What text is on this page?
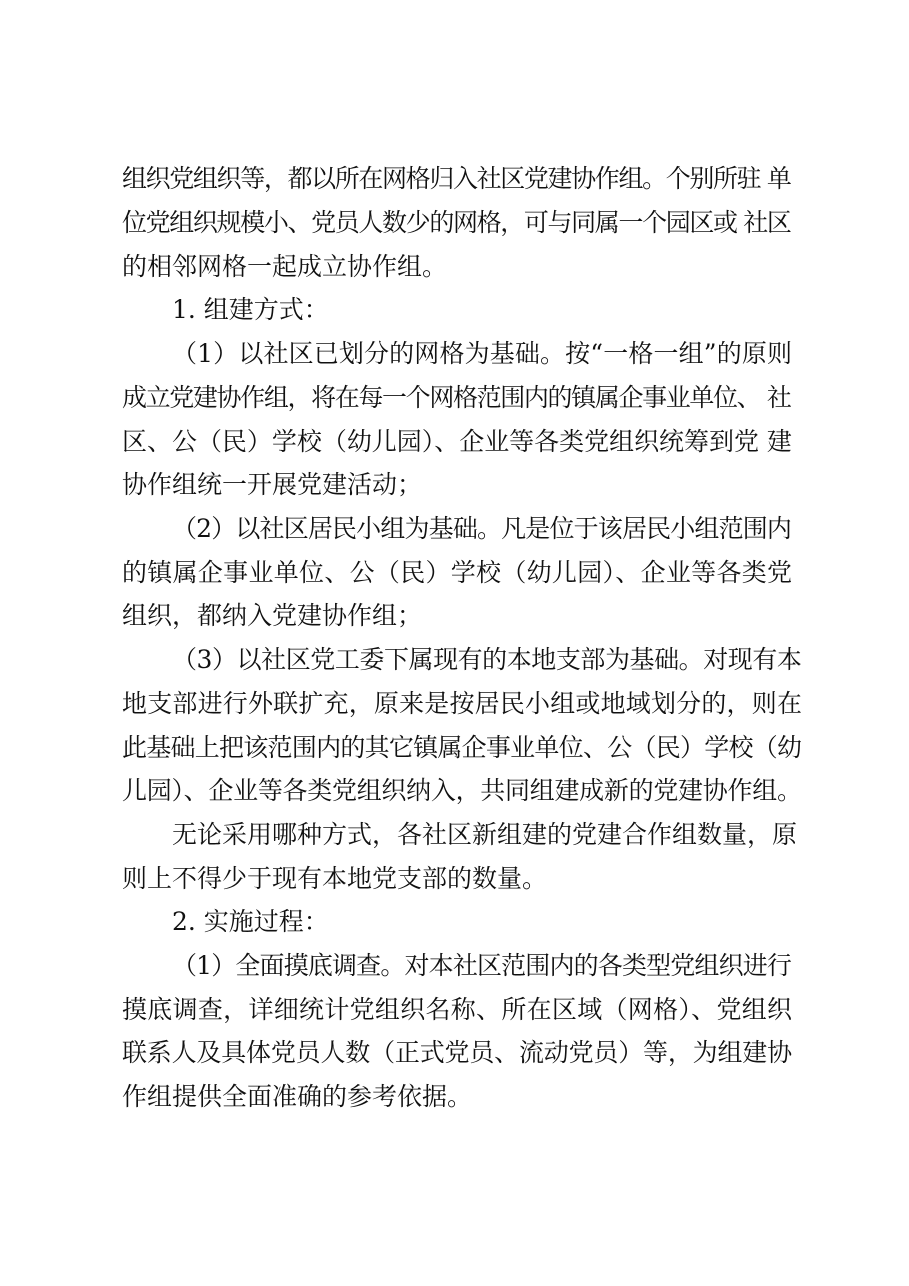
组织党组织等，都以所在网格归入社区党建协作组。个别所驻 单
位党组织规模小、党员人数少的网格，可与同属一个园区或 社区
的相邻网格一起成立协作组。
1. 组建方式：
（1）以社区已划分的网格为基础。按“一格一组”的原则
成立党建协作组，将在每一个网格范围内的镇属企事业单位、 社
区、公（民）学校（幼儿园）、企业等各类党组织统筹到党 建
协作组统一开展党建活动；
（2）以社区居民小组为基础。凡是位于该居民小组范围内
的镇属企事业单位、公（民）学校（幼儿园）、企业等各类党
组织，都纳入党建协作组；
（3）以社区党工委下属现有的本地支部为基础。对现有本
地支部进行外联扩充，原来是按居民小组或地域划分的，则在
此基础上把该范围内的其它镇属企事业单位、公（民）学校（幼
儿园）、企业等各类党组织纳入，共同组建成新的党建协作组。
无论采用哪种方式，各社区新组建的党建合作组数量，原
则上不得少于现有本地党支部的数量。
2. 实施过程：
（1）全面摸底调查。对本社区范围内的各类型党组织进行
摸底调查，详细统计党组织名称、所在区域（网格）、党组织
联系人及具体党员人数（正式党员、流动党员）等，为组建协
作组提供全面准确的参考依据。
